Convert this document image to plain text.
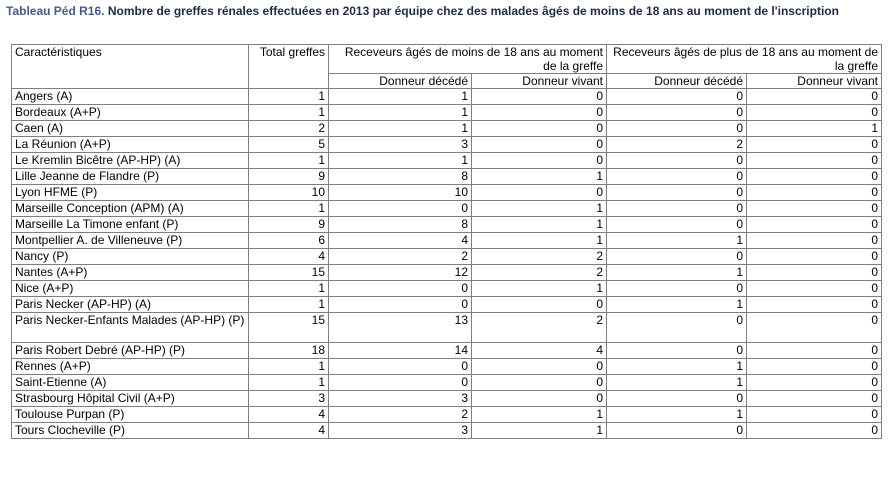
Tableau Péd R16. Nombre de greffes rénales effectuées en 2013 par équipe chez des malades âgés de moins de 18 ans au moment de l'inscription
Caractéristiques	Total greffes	Receveurs âgés de moins de 18 ans au moment de la greffe		Receveurs âgés de plus de 18 ans au moment de la greffe	
		Donneur décédé	Donneur vivant	Donneur décédé	Donneur vivant
Angers (A)	1	1	0	0	0
Bordeaux (A+P)	1	1	0	0	0
Caen (A)	2	1	0	0	1
La Réunion (A+P)	5	3	0	2	0
Le Kremlin Bicêtre (AP-HP) (A)	1	1	0	0	0
Lille Jeanne de Flandre (P)	9	8	1	0	0
Lyon HFME (P)	10	10	0	0	0
Marseille Conception (APM) (A)	1	0	1	0	0
Marseille La Timone enfant (P)	9	8	1	0	0
Montpellier A. de Villeneuve (P)	6	4	1	1	0
Nancy (P)	4	2	2	0	0
Nantes (A+P)	15	12	2	1	0
Nice (A+P)	1	0	1	0	0
Paris Necker (AP-HP) (A)	1	0	0	1	0
Paris Necker-Enfants Malades (AP-HP) (P)	15	13	2	0	0
Paris Robert Debré (AP-HP) (P)	18	14	4	0	0
Rennes (A+P)	1	0	0	1	0
Saint-Etienne (A)	1	0	0	1	0
Strasbourg Hôpital Civil (A+P)	3	3	0	0	0
Toulouse Purpan (P)	4	2	1	1	0
Tours Clocheville (P)	4	3	1	0	0
